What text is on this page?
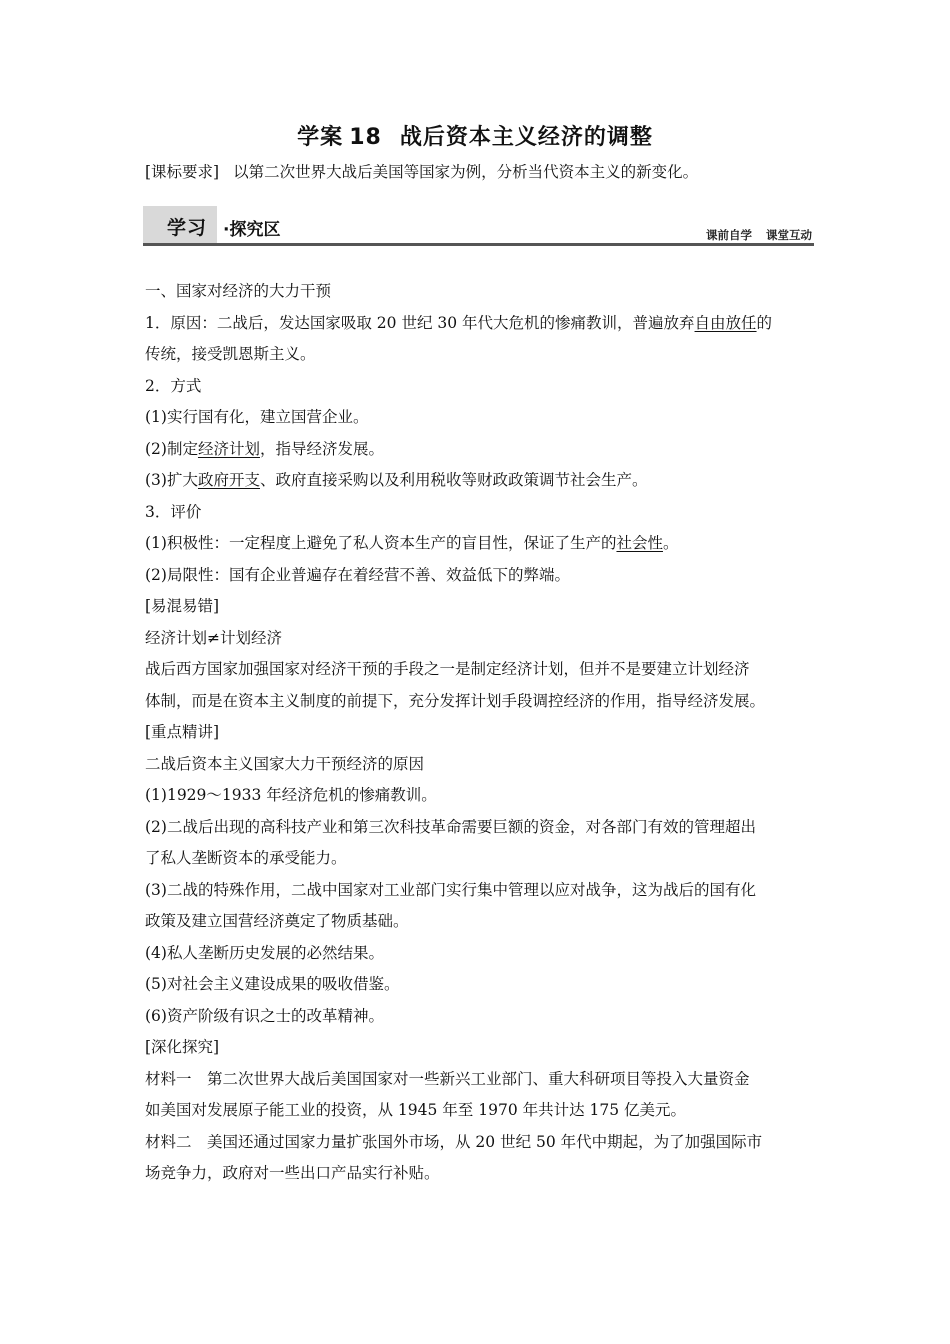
学案 18 战后资本主义经济的调整
[课标要求] 以第二次世界大战后美国等国家为例，分析当代资本主义的新变化。
学习 ·探究区	课前自学 课堂互动

一、国家对经济的大力干预

1．原因：二战后，发达国家吸取 20 世纪 30 年代大危机的惨痛教训，普遍放弃自由放任的

传统，接受凯恩斯主义。

2．方式

(1)实行国有化，建立国营企业。

(2)制定经济计划，指导经济发展。

(3)扩大政府开支、政府直接采购以及利用税收等财政政策调节社会生产。

3．评价

(1)积极性：一定程度上避免了私人资本生产的盲目性，保证了生产的社会性。

(2)局限性：国有企业普遍存在着经营不善、效益低下的弊端。

[易混易错]

经济计划≠计划经济

战后西方国家加强国家对经济干预的手段之一是制定经济计划，但并不是要建立计划经济

体制，而是在资本主义制度的前提下，充分发挥计划手段调控经济的作用，指导经济发展。

[重点精讲]

二战后资本主义国家大力干预经济的原因

(1)1929～1933 年经济危机的惨痛教训。

(2)二战后出现的高科技产业和第三次科技革命需要巨额的资金，对各部门有效的管理超出

了私人垄断资本的承受能力。

(3)二战的特殊作用，二战中国家对工业部门实行集中管理以应对战争，这为战后的国有化

政策及建立国营经济奠定了物质基础。

(4)私人垄断历史发展的必然结果。

(5)对社会主义建设成果的吸收借鉴。

(6)资产阶级有识之士的改革精神。

[深化探究]

材料一　第二次世界大战后美国国家对一些新兴工业部门、重大科研项目等投入大量资金

如美国对发展原子能工业的投资，从 1945 年至 1970 年共计达 175 亿美元。

材料二　美国还通过国家力量扩张国外市场，从 20 世纪 50 年代中期起，为了加强国际市

场竞争力，政府对一些出口产品实行补贴。
